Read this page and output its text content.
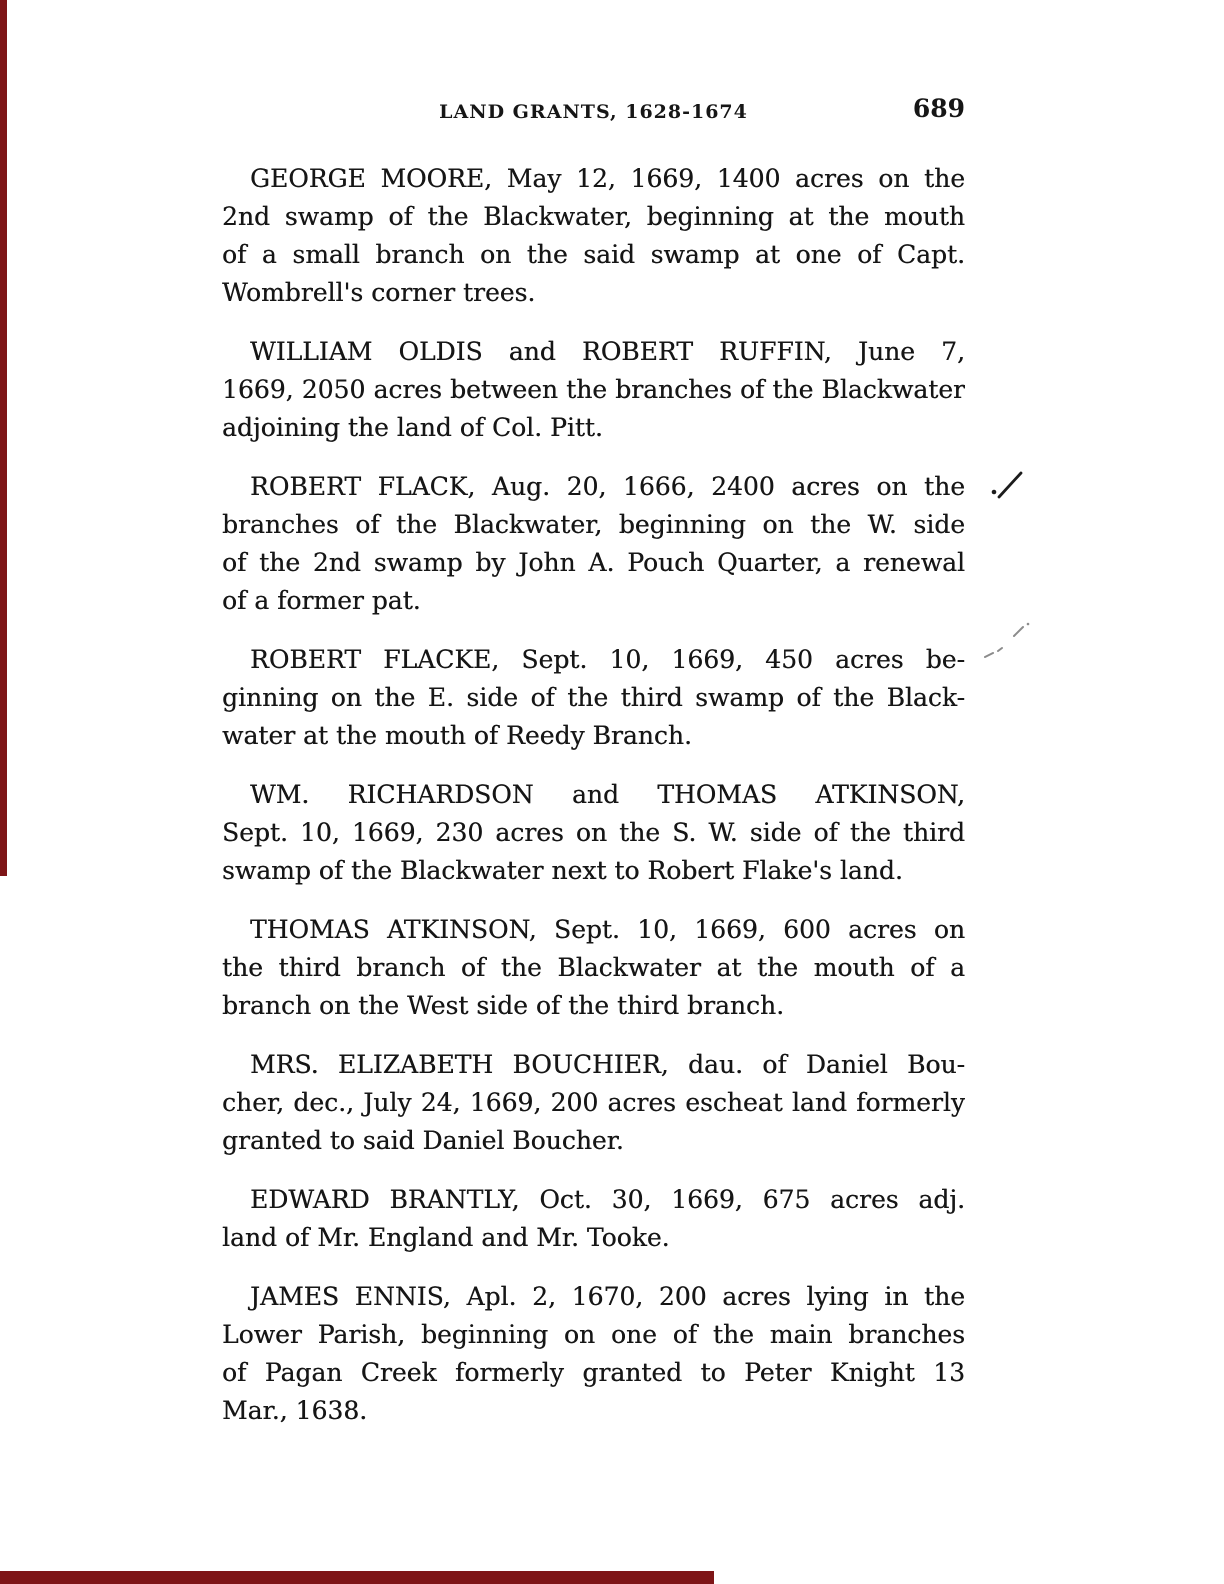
LAND GRANTS, 1628-1674	689

GEORGE MOORE, May 12, 1669, 1400 acres on the
2nd swamp of the Blackwater, beginning at the mouth
of a small branch on the said swamp at one of Capt.
Wombrell's corner trees.

WILLIAM OLDIS and ROBERT RUFFIN, June 7,
1669, 2050 acres between the branches of the Blackwater
adjoining the land of Col. Pitt.

ROBERT FLACK, Aug. 20, 1666, 2400 acres on the
branches of the Blackwater, beginning on the W. side
of the 2nd swamp by John A. Pouch Quarter, a renewal
of a former pat.

ROBERT FLACKE, Sept. 10, 1669, 450 acres be-
ginning on the E. side of the third swamp of the Black-
water at the mouth of Reedy Branch.

WM. RICHARDSON and THOMAS ATKINSON,
Sept. 10, 1669, 230 acres on the S. W. side of the third
swamp of the Blackwater next to Robert Flake's land.

THOMAS ATKINSON, Sept. 10, 1669, 600 acres on
the third branch of the Blackwater at the mouth of a
branch on the West side of the third branch.

MRS. ELIZABETH BOUCHIER, dau. of Daniel Bou-
cher, dec., July 24, 1669, 200 acres escheat land formerly
granted to said Daniel Boucher.

EDWARD BRANTLY, Oct. 30, 1669, 675 acres adj.
land of Mr. England and Mr. Tooke.

JAMES ENNIS, Apl. 2, 1670, 200 acres lying in the
Lower Parish, beginning on one of the main branches
of Pagan Creek formerly granted to Peter Knight 13
Mar., 1638.
